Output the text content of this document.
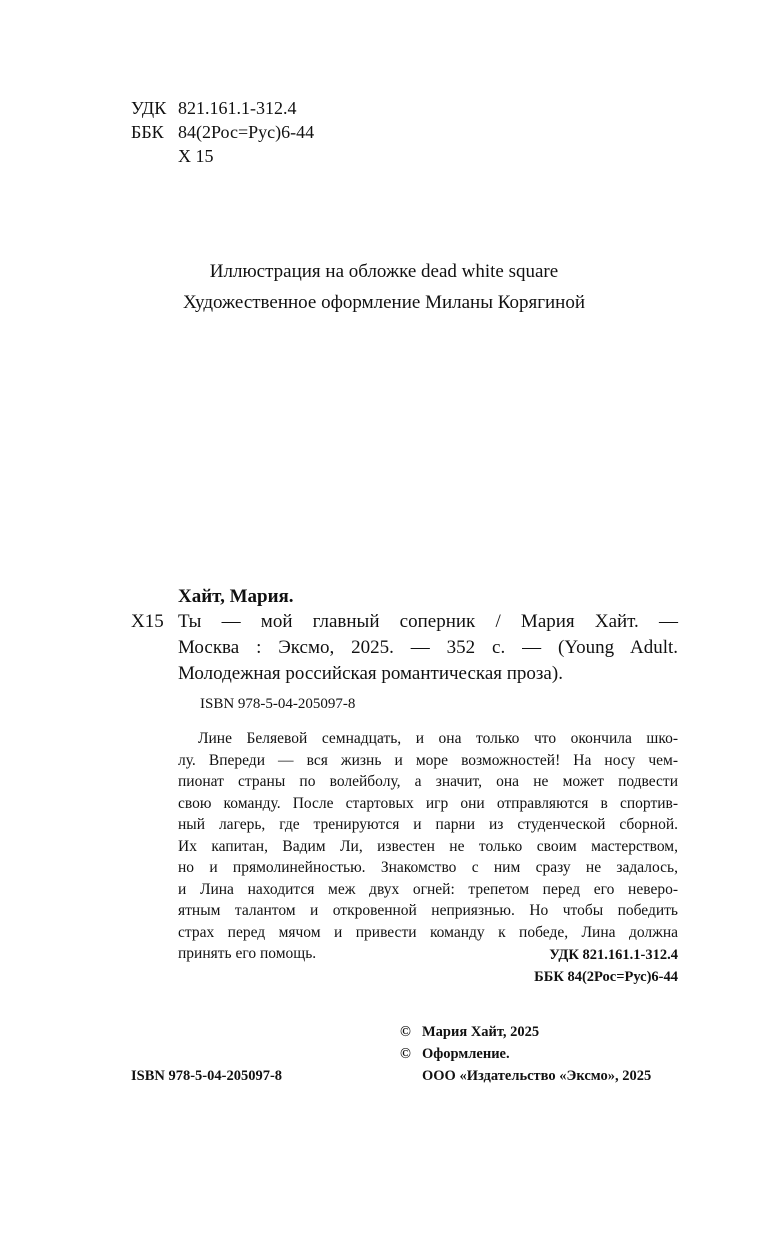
УДК 821.161.1-312.4
ББК 84(2Рос=Рус)6-44
Х 15
Иллюстрация на обложке dead white square
Художественное оформление Миланы Корягиной
Хайт, Мария.
Х15 Ты — мой главный соперник / Мария Хайт. —
Москва : Эксмо, 2025. — 352 с. — (Young Adult.
Молодежная российская романтическая проза).
ISBN 978-5-04-205097-8
Лине Беляевой семнадцать, и она только что окончила шко-
лу. Впереди — вся жизнь и море возможностей! На носу чем-
пионат страны по волейболу, а значит, она не может подвести
свою команду. После стартовых игр они отправляются в спортив-
ный лагерь, где тренируются и парни из студенческой сборной.
Их капитан, Вадим Ли, известен не только своим мастерством,
но и прямолинейностью. Знакомство с ним сразу не задалось,
и Лина находится меж двух огней: трепетом перед его неверо-
ятным талантом и откровенной неприязнью. Но чтобы победить
страх перед мячом и привести команду к победе, Лина должна
принять его помощь.	УДК 821.161.1-312.4
ББК 84(2Рос=Рус)6-44
© Мария Хайт, 2025
© Оформление.
ООО «Издательство «Эксмо», 2025
ISBN 978-5-04-205097-8
